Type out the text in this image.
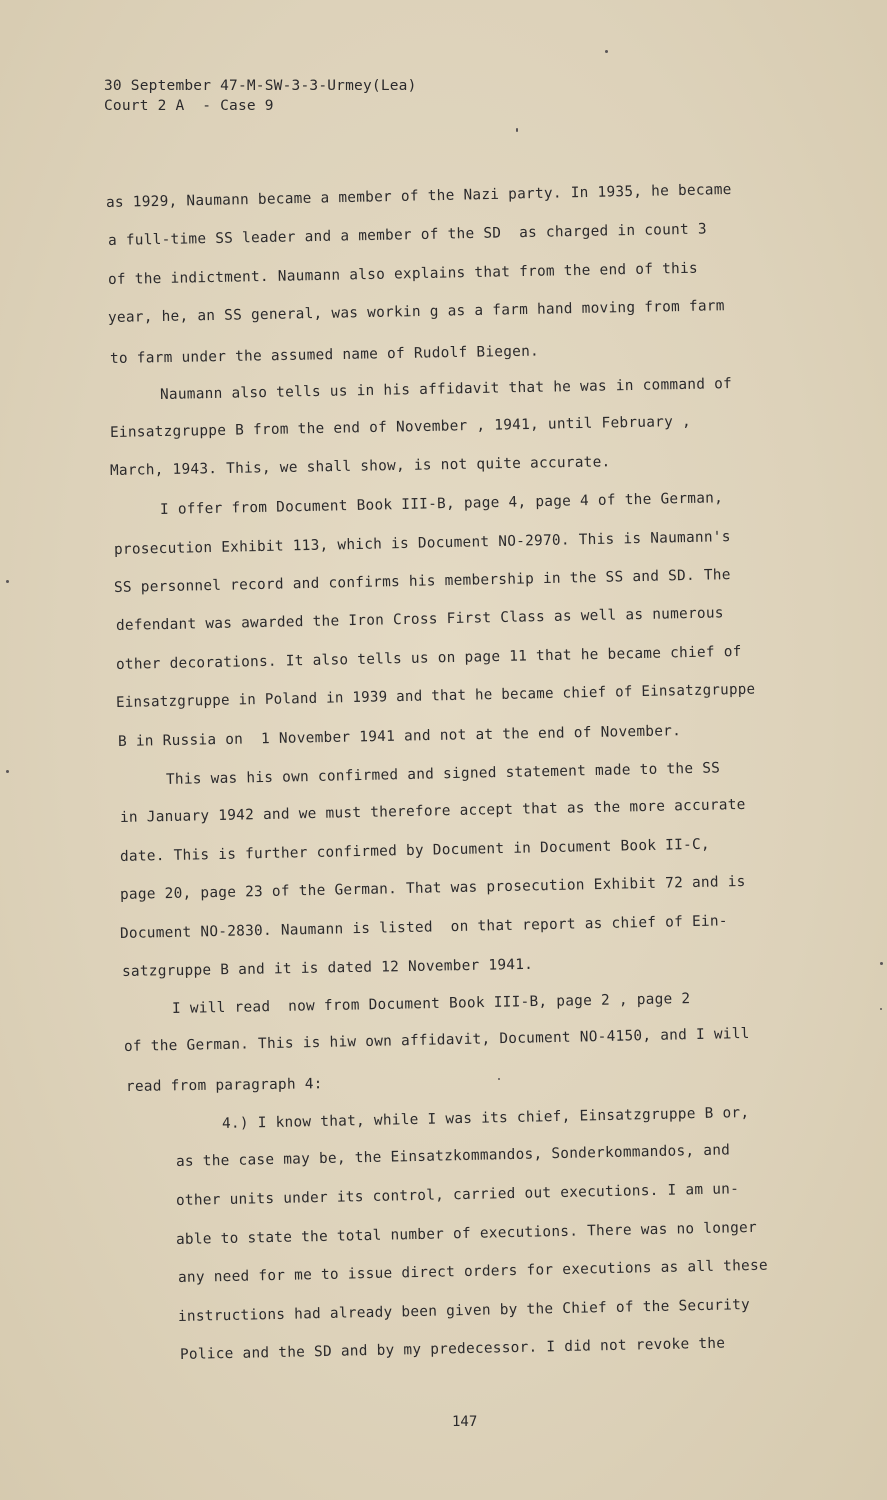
30 September 47-M-SW-3-3-Urmey(Lea)
Court 2 A  - Case 9
as 1929, Naumann became a member of the Nazi party. In 1935, he became
a full-time SS leader and a member of the SD  as charged in count 3
of the indictment. Naumann also explains that from the end of this
year, he, an SS general, was workin g as a farm hand moving from farm
to farm under the assumed name of Rudolf Biegen.
Naumann also tells us in his affidavit that he was in command of
Einsatzgruppe B from the end of November , 1941, until February ,
March, 1943. This, we shall show, is not quite accurate.
I offer from Document Book III-B, page 4, page 4 of the German,
prosecution Exhibit 113, which is Document NO-2970. This is Naumann's
SS personnel record and confirms his membership in the SS and SD. The
defendant was awarded the Iron Cross First Class as well as numerous
other decorations. It also tells us on page 11 that he became chief of
Einsatzgruppe in Poland in 1939 and that he became chief of Einsatzgruppe
B in Russia on  1 November 1941 and not at the end of November.
This was his own confirmed and signed statement made to the SS
in January 1942 and we must therefore accept that as the more accurate
date. This is further confirmed by Document in Document Book II-C,
page 20, page 23 of the German. That was prosecution Exhibit 72 and is
Document NO-2830. Naumann is listed  on that report as chief of Ein-
satzgruppe B and it is dated 12 November 1941.
I will read  now from Document Book III-B, page 2 , page 2
of the German. This is hiw own affidavit, Document NO-4150, and I will
read from paragraph 4:
4.) I know that, while I was its chief, Einsatzgruppe B or,
as the case may be, the Einsatzkommandos, Sonderkommandos, and
other units under its control, carried out executions. I am un-
able to state the total number of executions. There was no longer
any need for me to issue direct orders for executions as all these
instructions had already been given by the Chief of the Security
Police and the SD and by my predecessor. I did not revoke the
147
